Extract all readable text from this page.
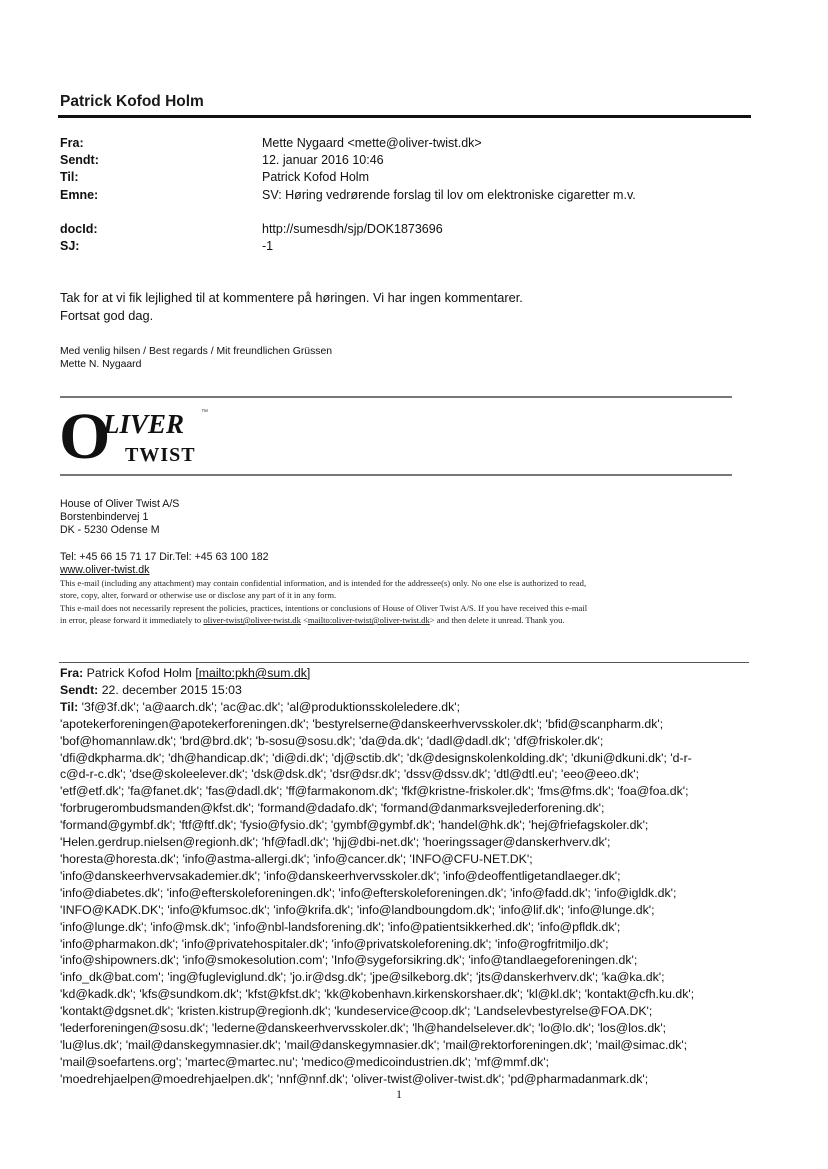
Patrick Kofod Holm
Fra:	Mette Nygaard <mette@oliver-twist.dk>
Sendt:	12. januar 2016 10:46
Til:	Patrick Kofod Holm
Emne:	SV: Høring vedrørende forslag til lov om elektroniske cigaretter m.v.
docId:	http://sumesdh/sjp/DOK1873696
SJ:	-1
Tak for at vi fik lejlighed til at kommentere på høringen. Vi har ingen kommentarer.
Fortsat god dag.
Med venlig hilsen / Best regards / Mit freundlichen Grüssen
Mette N. Nygaard
O
LIVER ™
TWIST
House of Oliver Twist A/S
Borstenbindervej 1
DK - 5230 Odense M
Tel: +45 66 15 71 17 Dir.Tel: +45 63 100 182
www.oliver-twist.dk
This e-mail (including any attachment) may contain confidential information, and is intended for the addressee(s) only. No one else is authorized to read,
store, copy, alter, forward or otherwise use or disclose any part of it in any form.
This e-mail does not necessarily represent the policies, practices, intentions or conclusions of House of Oliver Twist A/S. If you have received this e-mail
in error, please forward it immediately to oliver-twist@oliver-twist.dk <mailto:oliver-twist@oliver-twist.dk> and then delete it unread. Thank you.
Fra: Patrick Kofod Holm [mailto:pkh@sum.dk]
Sendt: 22. december 2015 15:03
Til: '3f@3f.dk'; 'a@aarch.dk'; 'ac@ac.dk'; 'al@produktionsskoleledere.dk';
'apotekerforeningen@apotekerforeningen.dk'; 'bestyrelserne@danskeerhvervsskoler.dk'; 'bfid@scanpharm.dk';
'bof@homannlaw.dk'; 'brd@brd.dk'; 'b-sosu@sosu.dk'; 'da@da.dk'; 'dadl@dadl.dk'; 'df@friskoler.dk';
'dfi@dkpharma.dk'; 'dh@handicap.dk'; 'di@di.dk'; 'dj@sctib.dk'; 'dk@designskolenkolding.dk'; 'dkuni@dkuni.dk'; 'd-r-
c@d-r-c.dk'; 'dse@skoleelever.dk'; 'dsk@dsk.dk'; 'dsr@dsr.dk'; 'dssv@dssv.dk'; 'dtl@dtl.eu'; 'eeo@eeo.dk';
'etf@etf.dk'; 'fa@fanet.dk'; 'fas@dadl.dk'; 'ff@farmakonom.dk'; 'fkf@kristne-friskoler.dk'; 'fms@fms.dk'; 'foa@foa.dk';
'forbrugerombudsmanden@kfst.dk'; 'formand@dadafo.dk'; 'formand@danmarksvejlederforening.dk';
'formand@gymbf.dk'; 'ftf@ftf.dk'; 'fysio@fysio.dk'; 'gymbf@gymbf.dk'; 'handel@hk.dk'; 'hej@friefagskoler.dk';
'Helen.gerdrup.nielsen@regionh.dk'; 'hf@fadl.dk'; 'hjj@dbi-net.dk'; 'hoeringssager@danskerhverv.dk';
'horesta@horesta.dk'; 'info@astma-allergi.dk'; 'info@cancer.dk'; 'INFO@CFU-NET.DK';
'info@danskeerhvervsakademier.dk'; 'info@danskeerhvervsskoler.dk'; 'info@deoffentligetandlaeger.dk';
'info@diabetes.dk'; 'info@efterskoleforeningen.dk'; 'info@efterskoleforeningen.dk'; 'info@fadd.dk'; 'info@igldk.dk';
'INFO@KADK.DK'; 'info@kfumsoc.dk'; 'info@krifa.dk'; 'info@landboungdom.dk'; 'info@lif.dk'; 'info@lunge.dk';
'info@lunge.dk'; 'info@msk.dk'; 'info@nbl-landsforening.dk'; 'info@patientsikkerhed.dk'; 'info@pfldk.dk';
'info@pharmakon.dk'; 'info@privatehospitaler.dk'; 'info@privatskoleforening.dk'; 'info@rogfritmiljo.dk';
'info@shipowners.dk'; 'info@smokesolution.com'; 'Info@sygeforsikring.dk'; 'info@tandlaegeforeningen.dk';
'info_dk@bat.com'; 'ing@fugleviglund.dk'; 'jo.ir@dsg.dk'; 'jpe@silkeborg.dk'; 'jts@danskerhverv.dk'; 'ka@ka.dk';
'kd@kadk.dk'; 'kfs@sundkom.dk'; 'kfst@kfst.dk'; 'kk@kobenhavn.kirkenskorshaer.dk'; 'kl@kl.dk'; 'kontakt@cfh.ku.dk';
'kontakt@dgsnet.dk'; 'kristen.kistrup@regionh.dk'; 'kundeservice@coop.dk'; 'Landselevbestyrelse@FOA.DK';
'lederforeningen@sosu.dk'; 'lederne@danskeerhvervsskoler.dk'; 'lh@handelselever.dk'; 'lo@lo.dk'; 'los@los.dk';
'lu@lus.dk'; 'mail@danskegymnasier.dk'; 'mail@danskegymnasier.dk'; 'mail@rektorforeningen.dk'; 'mail@simac.dk';
'mail@soefartens.org'; 'martec@martec.nu'; 'medico@medicoindustrien.dk'; 'mf@mmf.dk';
'moedrehjaelpen@moedrehjaelpen.dk'; 'nnf@nnf.dk'; 'oliver-twist@oliver-twist.dk'; 'pd@pharmadanmark.dk';
1
